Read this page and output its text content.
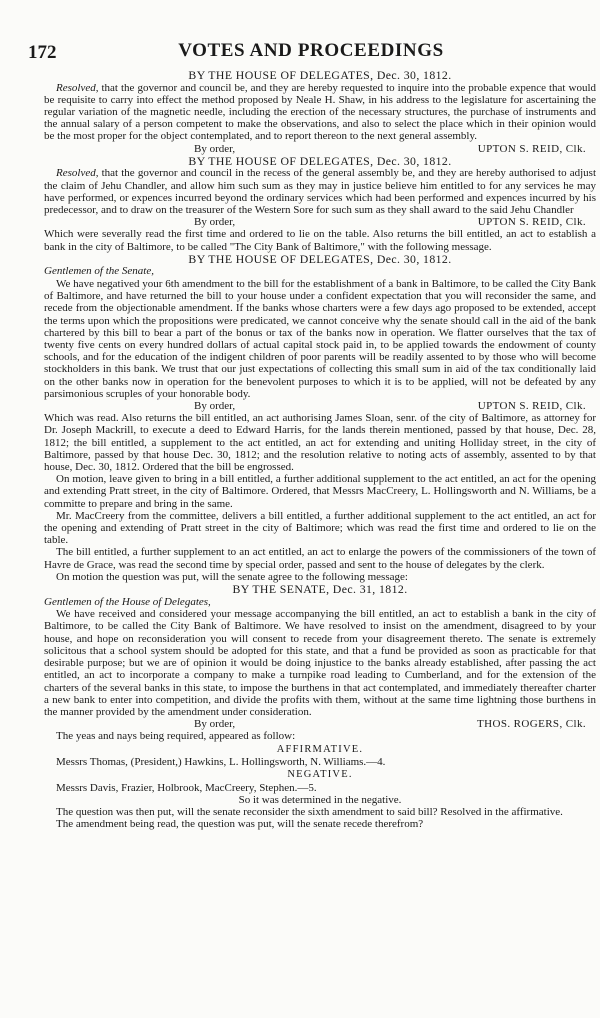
172	VOTES AND PROCEEDINGS

BY THE HOUSE OF DELEGATES, Dec. 30, 1812.

Resolved, that the governor and council be, and they are hereby requested to inquire into the probable expence that would be requisite to carry into effect the method proposed by Neale H. Shaw, in his address to the legislature for ascertaining the regular variation of the magnetic needle, including the erection of the necessary structures, the purchase of instruments and the annual salary of a person competent to make the observations, and also to select the place which in their opinion would be the most proper for the object contemplated, and to report thereon to the next general assembly.

By order,	UPTON S. REID, Clk.

BY THE HOUSE OF DELEGATES, Dec. 30, 1812.

Resolved, that the governor and council in the recess of the general assembly be, and they are hereby authorised to adjust the claim of Jehu Chandler, and allow him such sum as they may in justice believe him entitled to for any services he may have performed, or expences incurred beyond the ordinary services which had been performed and expences incurred by his predecessor, and to draw on the treasurer of the Western Sore for such sum as they shall award to the said Jehu Chandler

By order,	UPTON S. REID, Clk.

Which were severally read the first time and ordered to lie on the table. Also returns the bill entitled, an act to establish a bank in the city of Baltimore, to be called "The City Bank of Baltimore," with the following message.

BY THE HOUSE OF DELEGATES, Dec. 30, 1812.

Gentlemen of the Senate,

We have negatived your 6th amendment to the bill for the establishment of a bank in Baltimore, to be called the City Bank of Baltimore, and have returned the bill to your house under a confident expectation that you will reconsider the same, and recede from the objectionable amendment. If the banks whose charters were a few days ago proposed to be extended, accept the terms upon which the propositions were predicated, we cannot conceive why the senate should call in the aid of the bank chartered by this bill to bear a part of the bonus or tax of the banks now in operation. We flatter ourselves that the tax of twenty five cents on every hundred dollars of actual capital stock paid in, to be applied towards the endowment of county schools, and for the education of the indigent children of poor parents will be readily assented to by those who will become stockholders in this bank. We trust that our just expectations of collecting this small sum in aid of the tax conditionally laid on the other banks now in operation for the benevolent purposes to which it is to be applied, will not be defeated by any parsimonious scruples of your honorable body.

By order,	UPTON S. REID, Clk.

Which was read. Also returns the bill entitled, an act authorising James Sloan, senr. of the city of Baltimore, as attorney for Dr. Joseph Mackrill, to execute a deed to Edward Harris, for the lands therein mentioned, passed by that house, Dec. 28, 1812; the bill entitled, a supplement to the act entitled, an act for extending and uniting Holliday street, in the city of Baltimore, passed by that house Dec. 30, 1812; and the resolution relative to noting acts of assembly, assented to by that house, Dec. 30, 1812. Ordered that the bill be engrossed.

On motion, leave given to bring in a bill entitled, a further additional supplement to the act entitled, an act for the opening and extending Pratt street, in the city of Baltimore. Ordered, that Messrs MacCreery, L. Hollingsworth and N. Williams, be a committe to prepare and bring in the same.

Mr. MacCreery from the committee, delivers a bill entitled, a further additional supplement to the act entitled, an act for the opening and extending of Pratt street in the city of Baltimore; which was read the first time and ordered to lie on the table.

The bill entitled, a further supplement to an act entitled, an act to enlarge the powers of the commissioners of the town of Havre de Grace, was read the second time by special order, passed and sent to the house of delegates by the clerk.

On motion the question was put, will the senate agree to the following message:

BY THE SENATE, Dec. 31, 1812.

Gentlemen of the House of Delegates,

We have received and considered your message accompanying the bill entitled, an act to establish a bank in the city of Baltimore, to be called the City Bank of Baltimore. We have resolved to insist on the amendment, disagreed to by your house, and hope on reconsideration you will consent to recede from your disagreement thereto. The senate is extremely solicitous that a school system should be adopted for this state, and that a fund be provided as soon as practicable for that desirable purpose; but we are of opinion it would be doing injustice to the banks already established, after passing the act entitled, an act to incorporate a company to make a turnpike road leading to Cumberland, and for the extension of the charters of the several banks in this state, to impose the burthens in that act contemplated, and immediately thereafter charter a new bank to enter into competition, and divide the profits with them, without at the same time lightning those burthens in the manner provided by the amendment under consideration.

By order,	THOS. ROGERS, Clk.

The yeas and nays being required, appeared as follow:

AFFIRMATIVE.

Messrs Thomas, (President,) Hawkins, L. Hollingsworth, N. Williams.—4.

NEGATIVE.

Messrs Davis, Frazier, Holbrook, MacCreery, Stephen.—5.

So it was determined in the negative.

The question was then put, will the senate reconsider the sixth amendment to said bill? Resolved in the affirmative.

The amendment being read, the question was put, will the senate recede therefrom?
